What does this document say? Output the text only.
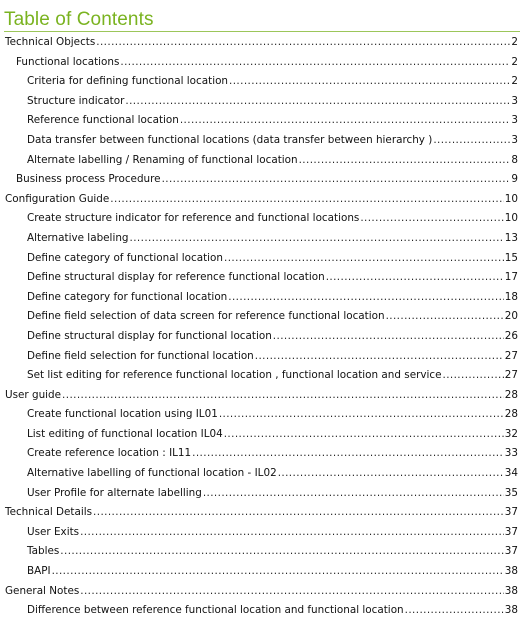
Table of Contents
Technical Objects .....	2
Functional locations .....	2
Criteria for defining functional location .....	2
Structure indicator .....	3
Reference functional location .....	3
Data transfer between functional locations (data transfer between hierarchy ) .....	3
Alternate labelling / Renaming of functional location .....	8
Business process Procedure .....	9
Configuration Guide .....	10
Create structure indicator for reference and functional locations .....	10
Alternative labeling .....	13
Define category of functional location .....	15
Define structural display for reference functional location .....	17
Define category for functional location .....	18
Define field selection of data screen for reference functional location .....	20
Define structural display for functional location .....	26
Define field selection for functional location .....	27
Set list editing for reference functional location , functional location and service .....	27
User guide .....	28
Create functional location using IL01 .....	28
List editing of functional location IL04 .....	32
Create reference location : IL11 .....	33
Alternative labelling of functional location - IL02 .....	34
User Profile for alternate labelling .....	35
Technical Details .....	37
User Exits .....	37
Tables .....	37
BAPI .....	38
General Notes .....	38
Difference between reference functional location and functional location .....	38
